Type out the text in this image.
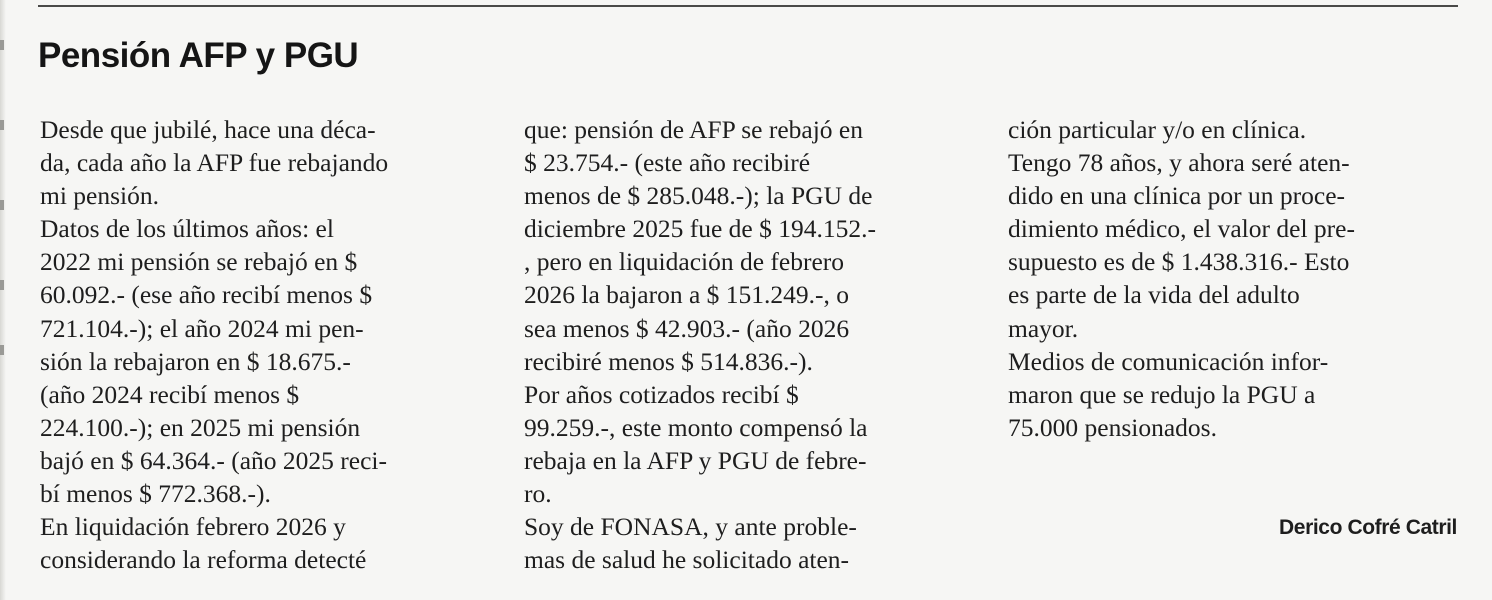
Pensión AFP y PGU
Desde que jubilé, hace una déca-
da, cada año la AFP fue rebajando
mi pensión.
Datos de los últimos años: el
2022 mi pensión se rebajó en $
60.092.- (ese año recibí menos $
721.104.-); el año 2024 mi pen-
sión la rebajaron en $ 18.675.-
(año 2024 recibí menos $
224.100.-); en 2025 mi pensión
bajó en $ 64.364.- (año 2025 reci-
bí menos $ 772.368.-).
En liquidación febrero 2026 y
considerando la reforma detecté
que: pensión de AFP se rebajó en
$ 23.754.- (este año recibiré
menos de $ 285.048.-); la PGU de
diciembre 2025 fue de $ 194.152.-
, pero en liquidación de febrero
2026 la bajaron a $ 151.249.-, o
sea menos $ 42.903.- (año 2026
recibiré menos $ 514.836.-).
Por años cotizados recibí $
99.259.-, este monto compensó la
rebaja en la AFP y PGU de febre-
ro.
Soy de FONASA, y ante proble-
mas de salud he solicitado aten-
ción particular y/o en clínica.
Tengo 78 años, y ahora seré aten-
dido en una clínica por un proce-
dimiento médico, el valor del pre-
supuesto es de $ 1.438.316.- Esto
es parte de la vida del adulto
mayor.
Medios de comunicación infor-
maron que se redujo la PGU a
75.000 pensionados.
Derico Cofré Catril
